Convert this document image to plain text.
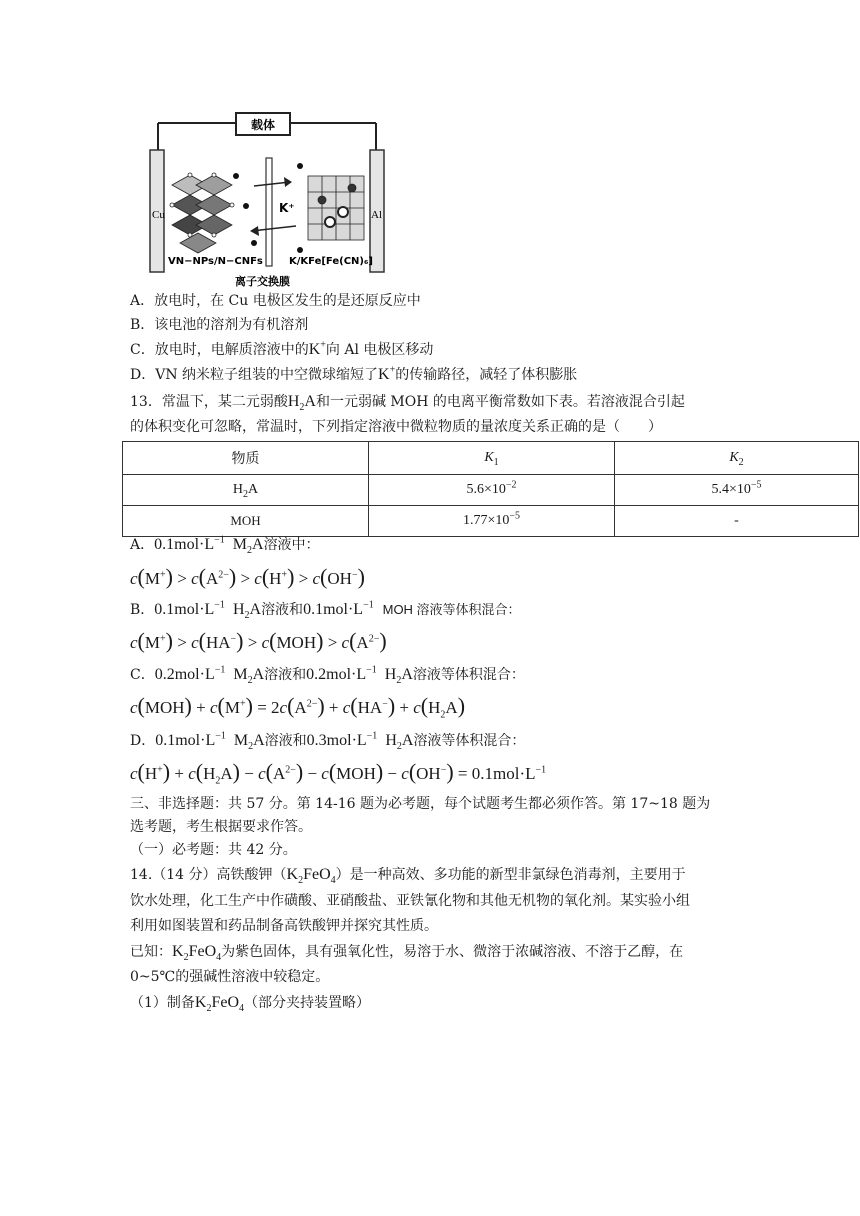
载体
Cu	Al
K⁺
VN−NPs/N−CNFs	K/KFe[Fe(CN)₆]
离子交换膜
A．放电时，在 Cu 电极区发生的是还原反应中
B．该电池的溶剂为有机溶剂
C．放电时，电解质溶液中的K+向 Al 电极区移动
D．VN 纳米粒子组装的中空微球缩短了K+的传输路径，减轻了体积膨胀
13．常温下，某二元弱酸$H_2A$和一元弱碱 MOH 的电离平衡常数如下表。若溶液混合引起
的体积变化可忽略，常温时，下列指定溶液中微粒物质的量浓度关系正确的是（　　）
物质	$K_1$	$K_2$
$H_2A$	$5.6\times 10^{-2}$	$5.4\times 10^{-5}$
MOH	$1.77\times 10^{-5}$	-
A．$0.1mol\cdot L^{-1}$  $M_2A$溶液中：
$c(M^+) > c(A^{2-}) > c(H^+) > c(OH^-)$
B．$0.1mol\cdot L^{-1}$  $H_2A$溶液和$0.1mol\cdot L^{-1}$ MOH 溶液等体积混合：
$c(M^+) > c(HA^-) > c(MOH) > c(A^{2-})$
C．$0.2mol\cdot L^{-1}$  $M_2A$溶液和$0.2mol\cdot L^{-1}$  $H_2A$溶液等体积混合：
$c(MOH) + c(M^+) = 2c(A^{2-}) + c(HA^-) + c(H_2A)$
D．$0.1mol\cdot L^{-1}$  $M_2A$溶液和$0.3mol\cdot L^{-1}$  $H_2A$溶液等体积混合：
$c(H^+) + c(H_2A) - c(A^{2-}) - c(MOH) - c(OH^-) = 0.1mol\cdot L^{-1}$
三、非选择题：共 57 分。第 14-16 题为必考题，每个试题考生都必须作答。第 17~18 题为
选考题，考生根据要求作答。
（一）必考题：共 42 分。
14.（14 分）高铁酸钾$(K_2FeO_4)$是一种高效、多功能的新型非氯绿色消毒剂，主要用于
饮水处理，化工生产中作磺酸、亚硝酸盐、亚铁氰化物和其他无机物的氧化剂。某实验小组
利用如图装置和药品制备高铁酸钾并探究其性质。
已知：$K_2FeO_4$为紫色固体，具有强氧化性，易溶于水、微溶于浓碱溶液、不溶于乙醇，在
0~5℃的强碱性溶液中较稳定。
（1）制备$K_2FeO_4$（部分夹持装置略）
